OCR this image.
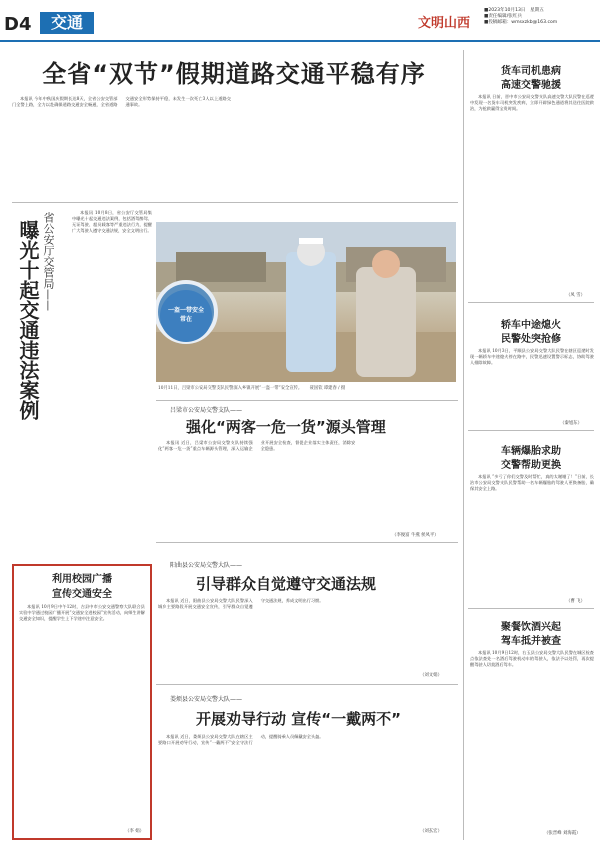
D4	交通	文明山西
■2023年10月13日　星期五
■责任编辑/张红兵
■投稿邮箱：wmsxzkb@163.com
全省“双节”假期道路交通平稳有序

本报讯 今年中秋国庆假期长达8天，全省公安交管部门全警上路，全力以赴确保道路交通安全畅通，全省道路交通安全形势保持平稳，未发生一次死亡3人以上道路交通事故。

省公安厅交管局——
曝光十起交通违法案例

本报讯 10月8日，省公安厅交管局集中曝光十起交通违法案例，包括酒驾醉驾、无证驾驶、超员载客等严重违法行为，提醒广大驾驶人遵守交通法规，安全文明出行。

一盔一带安全常在
10月11日，吕梁市公安局交警支队民警深入乡镇开展“一盔一带”安全宣传。 聂国钦 谭建春 / 摄
吕梁市公安局交警支队——
强化“两客一危一货”源头管理

本报讯 近日，吕梁市公安局交警支队持续强化“两客一危一货”重点车辆源头管理，深入运输企业开展安全检查，督促企业落实主体责任，消除安全隐患。

（李俊富 牛燕 侯凤平）
利用校园广播
宣传交通安全

本报讯 10月9日中午12时，吉县中市公安交通警察大队联合县实验中学通过校园广播开展“交通安全进校园”宣传活动，向师生讲解交通安全知识，提醒学生上下学途中注意安全。

（李 娟）
阳曲县公安局交警大队——
引导群众自觉遵守交通法规

本报讯 近日，阳曲县公安局交警大队民警深入城乡主要路段开展交通安全宣传，引导群众自觉遵守交通法规，养成文明出行习惯。

（刘文娟）
娄烦县公安局交警大队——
开展劝导行动 宣传“一戴两不”

本报讯 近日，娄烦县公安局交警大队在辖区主要路口开展劝导行动，宣传“一戴两不”安全守法行动，提醒骑乘人员佩戴安全头盔。

（刘玄宏）
货车司机患病
高速交警驰援

本报讯 日前，晋中市公安局交警支队高速交警大队民警在巡逻中发现一名货车司机突发疾病，立即开辟绿色通道将其送往医院救治，为抢救赢得宝贵时间。

（凤 雪）
轿车中途熄火
民警处突抢修

本报讯 10月3日，平顺县公安局交警大队民警在辖区巡逻时发现一辆轿车中途熄火停在路中，民警迅速设置警示标志，协助驾驶人排除故障。

（秦旭东）
车辆爆胎求助
交警帮助更换

本报讯 “多亏了你们交警及时帮忙，真的太谢谢了！”日前，长治市公安局交警支队民警帮助一名车辆爆胎的驾驶人更换备胎，确保其安全上路。

（曹 飞）
聚餐饮酒兴起
驾车抵并被查

本报讯 10月9日12时，右玉县公安局交警大队民警在城区检查点依法查处一名酒后驾驶机动车的驾驶人，依法予以处罚，再次提醒驾驶人切莫酒后驾车。

（张晋峰 刘海霞）
